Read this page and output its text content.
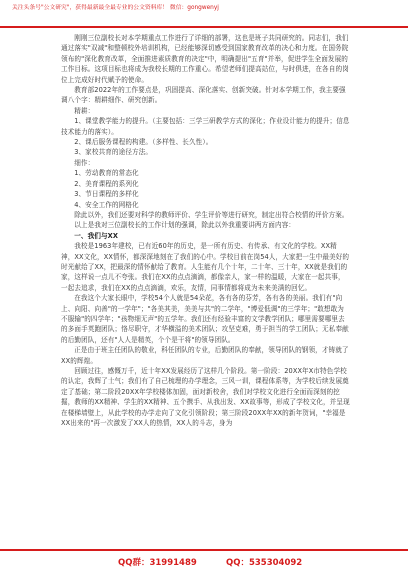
关注头条号"公文研究"，获得最新最全最专业的公文资料库！ 微信：gongwenyj

刚刚三位副校长对本学期重点工作进行了详细的部署，这也是班子共同研究的。同志们，我们通过落实"双减"和整顿校外培训机构，已经能够深切感受到国家教育改革的决心和力度。在国务院领布的"深化教育改革，全面推进素质教育的决定"中，明确提出"五育"并举，促进学生全面发展的工作目标。这项目标也将成为我校长期的工作重心。希望老师们提高站位，与时俱进，在各自的岗位上完成好时代赋予的使命。

教育部2022年的工作要点是，巩固提高、深化落实、创新突破。针对本学期工作，我主要强调八个字：精耕细作、研究创新。

精耕：

1、课堂教学能力的提升。（主要包括：三学三研教学方式的深化；作业设计能力的提升；信息技术能力的落实）。

2、课后服务课程的构建。（多样性、长久性）。

3、家校共育的途径方法。

细作：

1、劳动教育的常态化

2、美育课程的系列化

3、节日课程的多样化

4、安全工作的网格化

除此以外，我们还要对科学的教师评价、学生评价等进行研究，制定出符合校情的评价方案。

以上是我对三位副校长的工作计划的强调，除此以外我重要讲两方面内容：

一、我们与XX

我校是1963年建校，已有近60年的历史，是一所有历史、有传承、有文化的学校。XX精神，XX文化，XX情怀，都深深地刻在了我们的心中。学校目前在岗54人，大家把一生中最美好的时光献给了XX，把最深的情怀献给了教育。人生能有几个十年，二十年、三十年，XX就是我们的家，这样说一点儿不夸张。我们在XX的点点滴滴，都像亲人，家一样的温暖，大家在一起共事，一起去追求，我们在XX的点点滴滴，欢乐，友情，同事情都将成为未来美满的回忆。

在我这个大家长眼中，学校54个人就是54朵花，各有各的芬芳，各有各的美丽。我们有"向上、向阳、向善"的一学年"；"各美其美，美美与共"的二学年，"博爱低调"的三学年；"敢想敢为不服输"的四学年；"孩物细无声"的五学年。我们还有经验丰富的文学教学团队；哪里需要哪里去的多面手英跑团队；恪尽职守，才华横溢的美术团队；攻坚克难，勇于担当的学工团队；无私奉献的后勤团队，还有"人人是精英，个个是干将"的领导团队。

正是由于班主任团队的敬业，科任团队的专业，后勤团队的奉献，领导团队的钢领，才铸就了XX的辉煌。

回顾过往，感慨万千，近十年XX发展经历了这样几个阶段。第一阶段：20XX年X市特色学校的认定，我辉了士气；我们有了自己梳理的办学理念，三风一训，课程体系等，为学校后续发展奠定了基础；第二阶段20XX年学校楼体加固，面对新校舍，我们对学校文化进行全面而深刻的挖掘，教师的XX精神、学生的XX精神、五个携手、从我出发、XX故事等，形成了学校文化，并呈现在楼梯墙壁上，从此学校的办学走向了文化引领阶段；第三阶段20XX年XX的新年贺词，"幸福是XX出来的"再一次激发了XX人的热情，XX人的斗志，身为

QQ群：31991489	QQ：535304092
